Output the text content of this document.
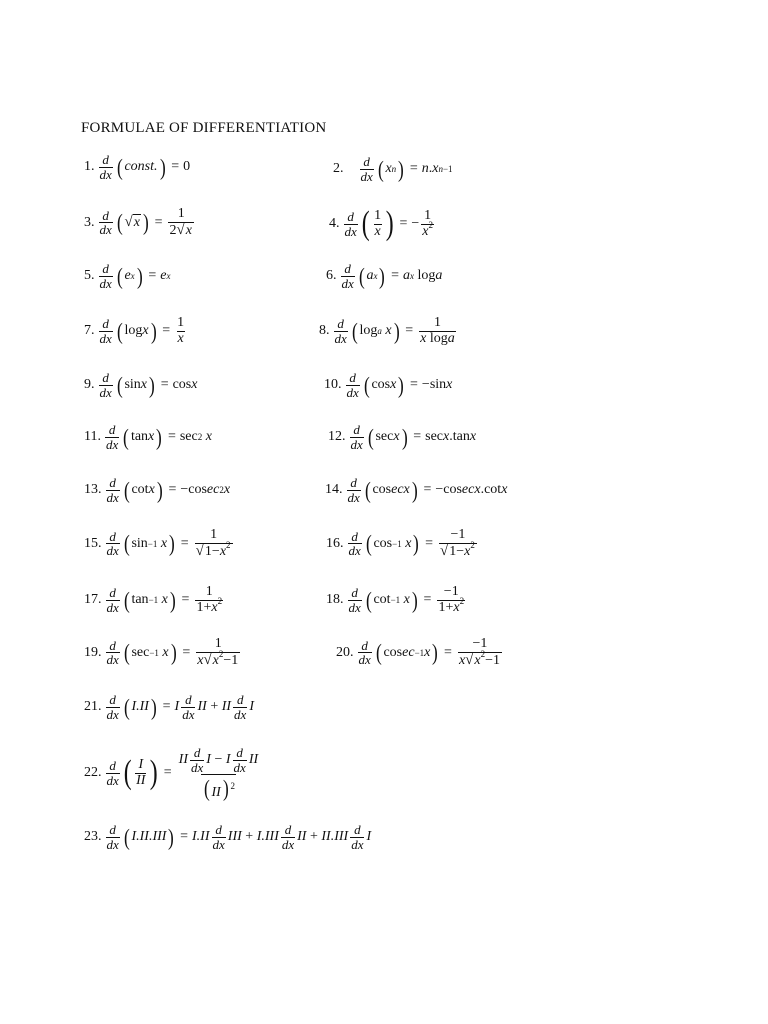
FORMULAE OF DIFFERENTIATION
1. d
dx ( const. ) = 0	2. d
dx ( x n ) = n . x n−1
3. d
dx ( √ x ) = $\frac{1}{2√x}$	4. d
dx ( 1
x ) = − $\frac{1}{x^2}$
5. d
dx ( e x ) = e x	6. d
dx ( a x ) = a x log a
7. d
dx ( log x ) = $\frac{1}{x}$	8. d
dx ( log a
x ) = $\frac{1}{\text{x loga}}$
9. d
dx ( sin x ) = cos x	10. d
dx ( cos x ) = −sin x
11. d
dx ( tan x ) = sec 2
x	12. d
dx ( sec x ) = sec x .tan x
13. d
dx ( cot x ) = −cos ec 2 x	14. d
dx ( cos ecx ) = −cos ecx .cot x
15. d
dx ( sin −1
x ) = $\frac{1}{√1-x^2}$	16. d
dx ( cos −1
x ) = $\frac{-1}{√1-x^2}$
17. d
dx ( tan −1
x ) = $\frac{1}{1+x^2}$	18. d
dx ( cot −1
x ) = $\frac{-1}{1+x^2}$
19. d
dx ( sec −1
x ) = $\frac{1}{x√x^2-1}$	20. d
dx ( cos ec −1 x ) = $\frac{-1}{x√x^2-1}$
21. d
dx ( I.II ) = I d
dx II + II d
dx I
22. d
dx ( I
II ) =
II d
dx
I − I d
dx
II
( II) $^2$
23. d
dx ( I.II.III ) = I.II d
dx III + I.III d
dx II + II.III d
dx I
